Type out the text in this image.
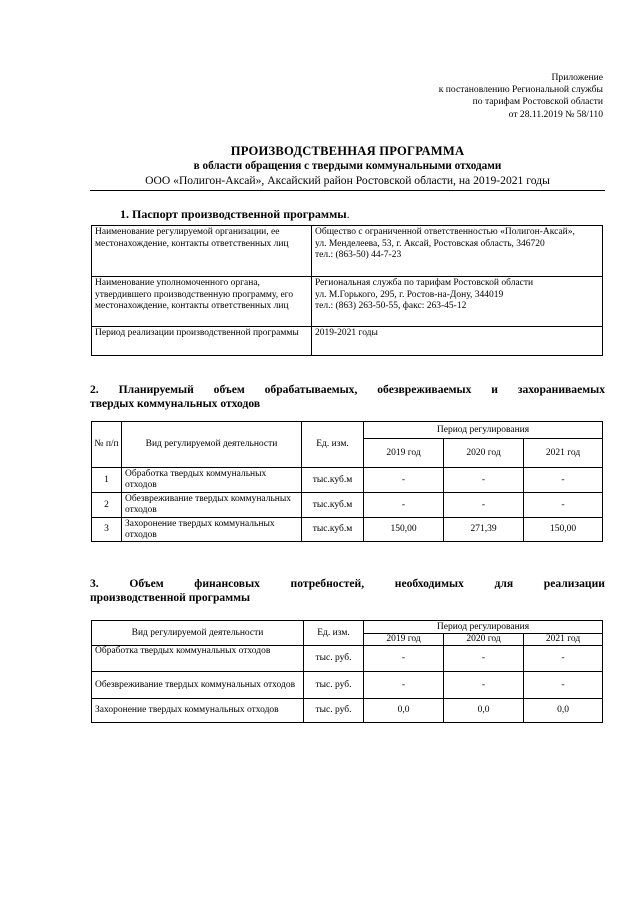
Приложение
к постановлению Региональной службы
по тарифам Ростовской области
от 28.11.2019 № 58/110
ПРОИЗВОДСТВЕННАЯ ПРОГРАММА
в области обращения с твердыми коммунальными отходами
ООО «Полигон-Аксай», Аксайский район Ростовской области, на 2019-2021 годы
1. Паспорт производственной программы.
Наименование регулируемой организации, ее местонахождение, контакты ответственных лиц	Общество с ограниченной ответственностью «Полигон-Аксай»,
ул. Менделеева, 53, г. Аксай, Ростовская область, 346720
тел.: (863-50) 44-7-23

Наименование уполномоченного органа, утвердившего производственную программу, его местонахождение, контакты ответственных лиц	Региональная служба по тарифам Ростовской области
ул. М.Горького, 295, г. Ростов-на-Дону, 344019
тел.: (863) 263-50-55, факс: 263-45-12

Период реализации производственной программы	2019-2021 годы
2. Планируемый объем обрабатываемых, обезвреживаемых и захораниваемых
твердых коммунальных отходов
№ п/п	Вид регулируемой деятельности	Ед. изм.	Период регулирования		
			2019 год	2020 год	2021 год
1	Обработка твердых коммунальных отходов	тыс.куб.м	-	-	-
2	Обезвреживание твердых коммунальных отходов	тыс.куб.м	-	-	-
3	Захоронение твердых коммунальных отходов	тыс.куб.м	150,00	271,39	150,00
3.	Объем	финансовых	потребностей,	необходимых	для	реализации
производственной программы
Вид регулируемой деятельности	Ед. изм.	Период регулирования		
		2019 год	2020 год	2021 год
Обработка твердых коммунальных отходов	тыс. руб.	-	-	-
Обезвреживание твердых коммунальных отходов	тыс. руб.	-	-	-
Захоронение твердых коммунальных отходов	тыс. руб.	0,0	0,0	0,0
